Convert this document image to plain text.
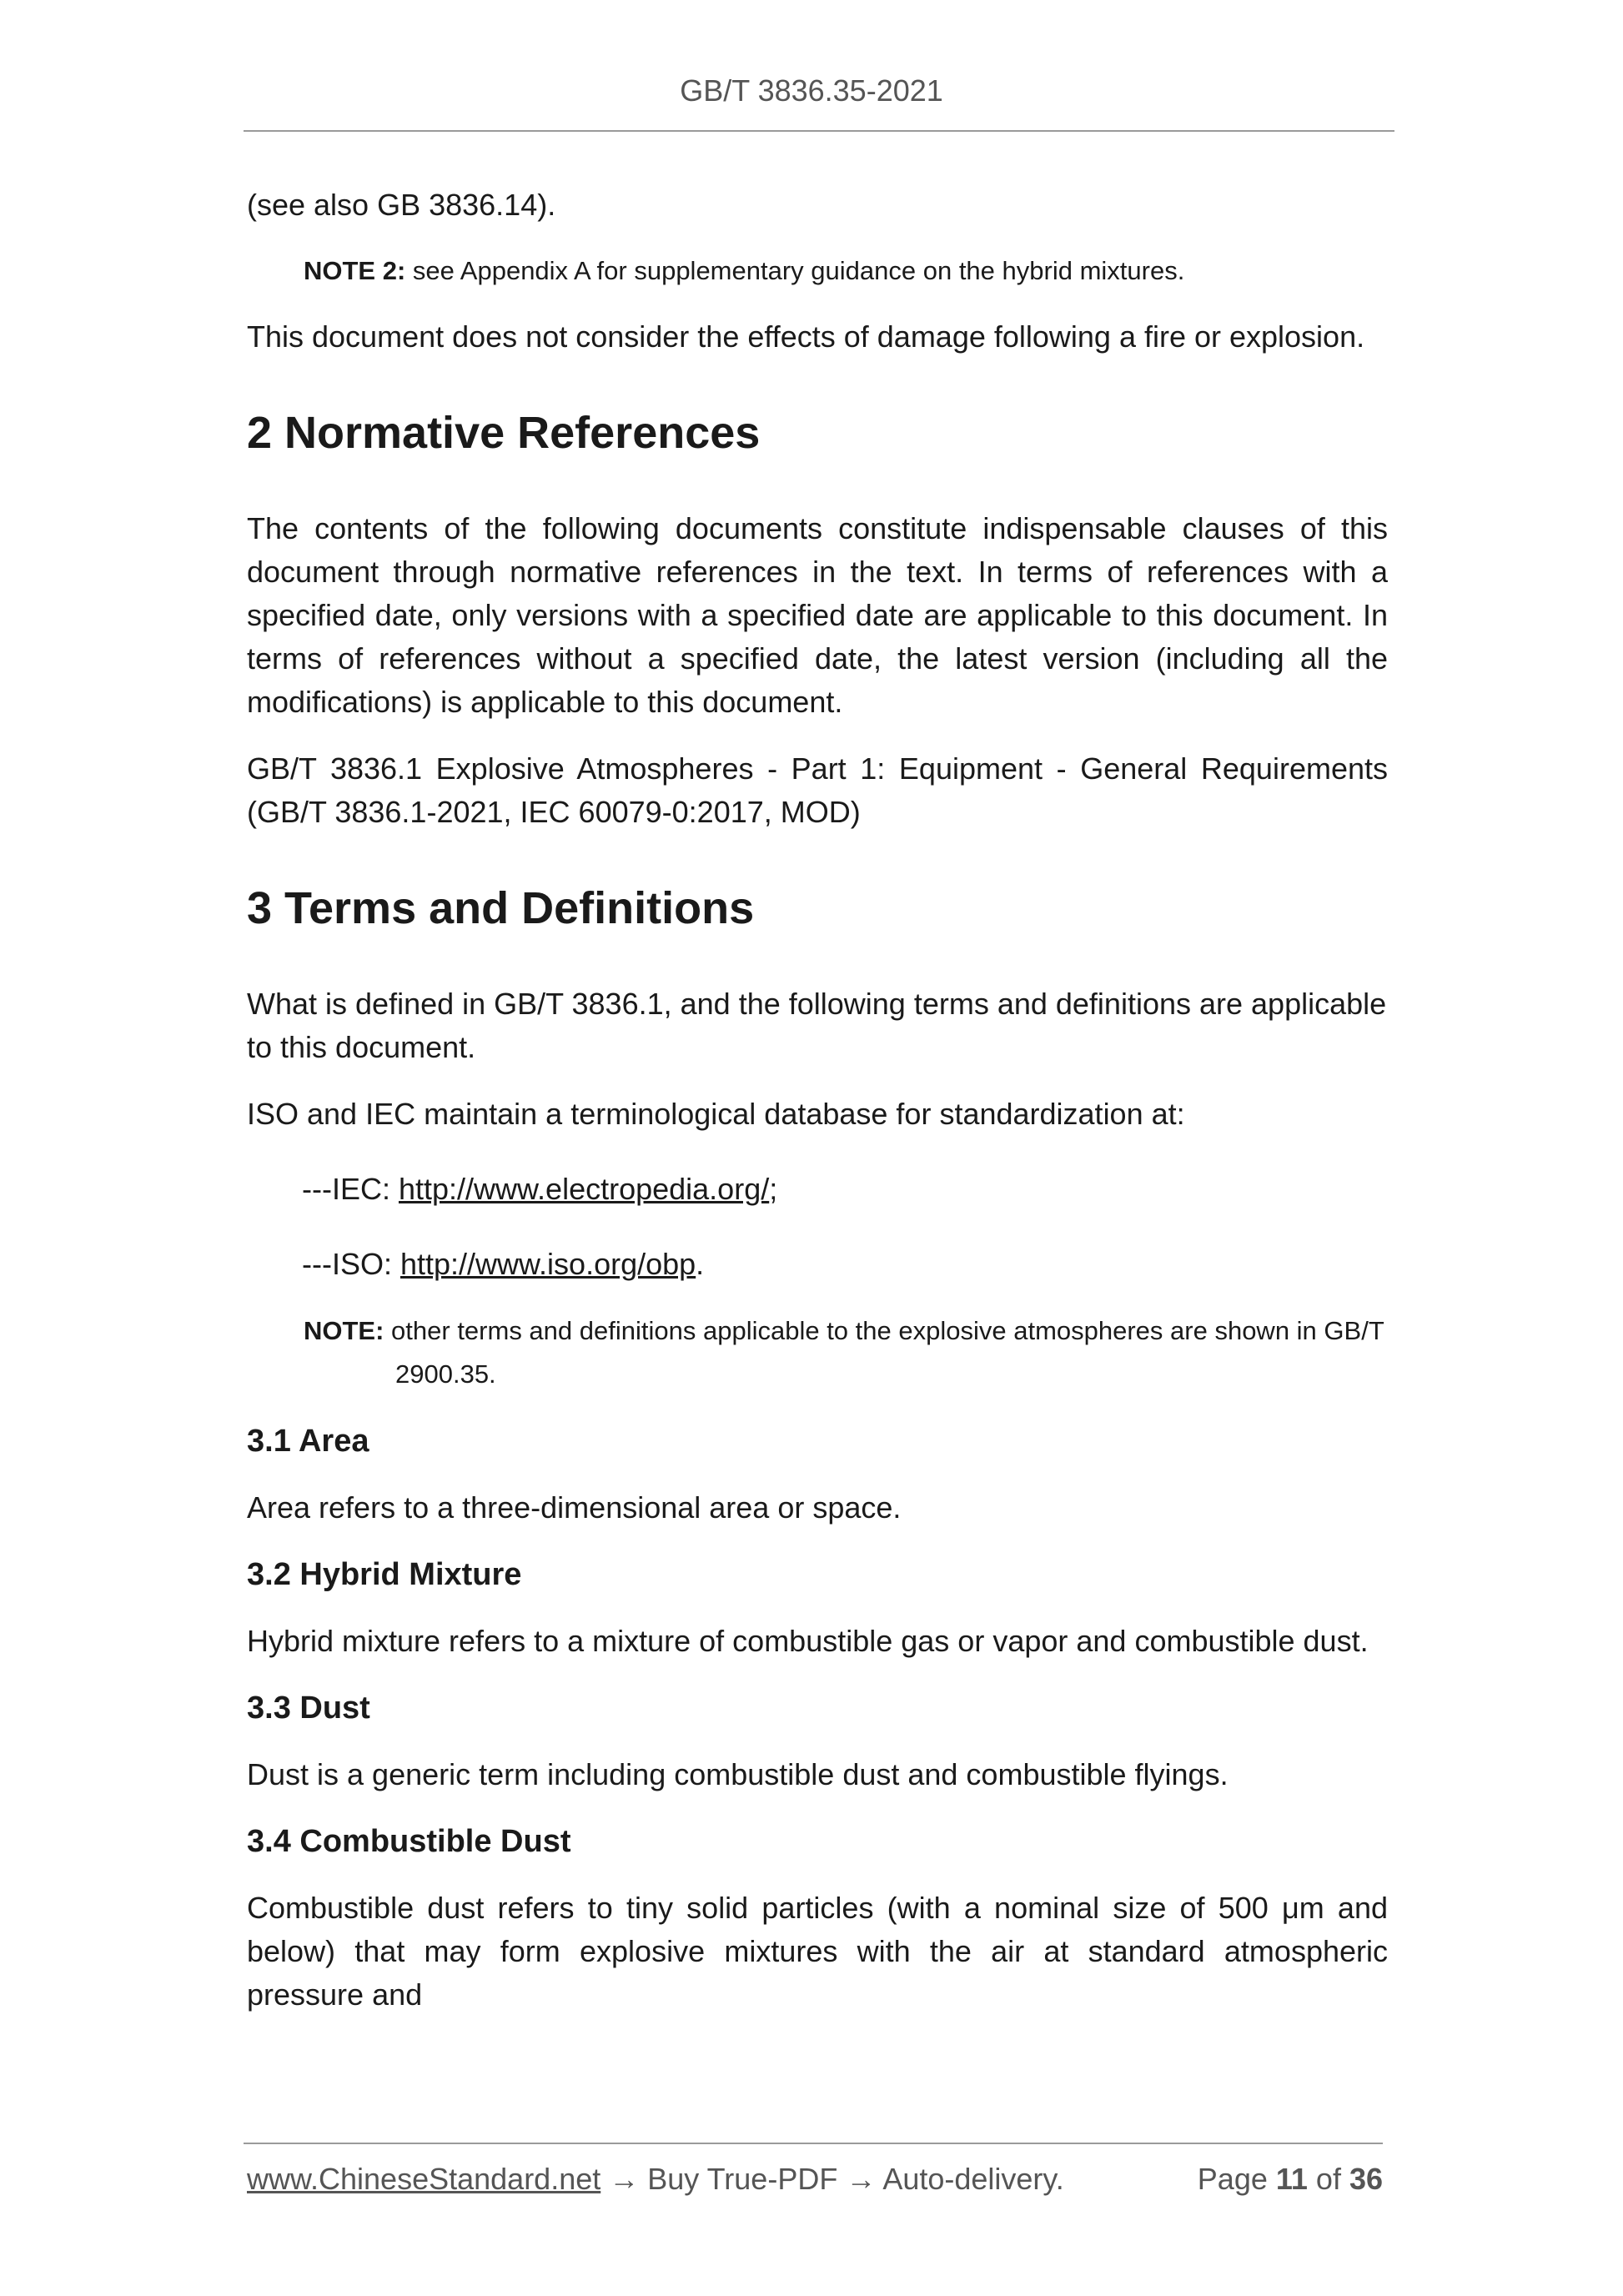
GB/T 3836.35-2021

(see also GB 3836.14).

NOTE 2: see Appendix A for supplementary guidance on the hybrid mixtures.

This document does not consider the effects of damage following a fire or explosion.

2 Normative References

The contents of the following documents constitute indispensable clauses of this document through normative references in the text. In terms of references with a specified date, only versions with a specified date are applicable to this document. In terms of references without a specified date, the latest version (including all the modifications) is applicable to this document.

GB/T 3836.1 Explosive Atmospheres - Part 1: Equipment - General Requirements (GB/T 3836.1-2021, IEC 60079-0:2017, MOD)

3 Terms and Definitions

What is defined in GB/T 3836.1, and the following terms and definitions are applicable to this document.

ISO and IEC maintain a terminological database for standardization at:

---IEC: http://www.electropedia.org/;

---ISO: http://www.iso.org/obp.

NOTE: other terms and definitions applicable to the explosive atmospheres are shown in GB/T 2900.35.

3.1 Area

Area refers to a three-dimensional area or space.

3.2 Hybrid Mixture

Hybrid mixture refers to a mixture of combustible gas or vapor and combustible dust.

3.3 Dust

Dust is a generic term including combustible dust and combustible flyings.

3.4 Combustible Dust

Combustible dust refers to tiny solid particles (with a nominal size of 500 μm and below) that may form explosive mixtures with the air at standard atmospheric pressure and

www.ChineseStandard.net → Buy True-PDF → Auto-delivery.	Page 11 of 36
